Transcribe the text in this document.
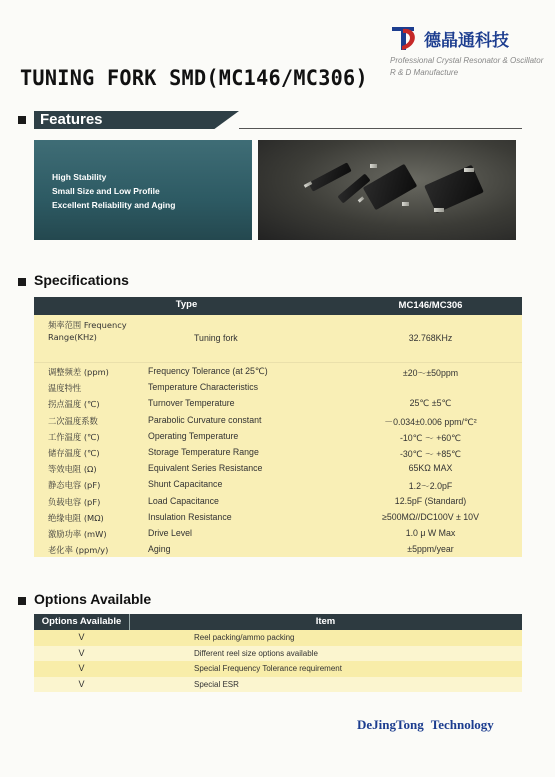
德晶通科技
Professional Crystal Resonator & Oscillator
R & D Manufacture
TUNING FORK SMD(MC146/MC306)
Features
High Stability
Small Size and Low Profile
Excellent Reliability and Aging
Specifications
Type	MC146/MC306
频率范围 Frequency Range(KHz)	Tuning fork	32.768KHz
调整频差 (ppm)	Frequency Tolerance (at 25℃)	±20～±50ppm
温度特性	Temperature Characteristics
拐点温度 (℃)	Turnover Temperature	25℃ ±5℃
二次温度系数	Parabolic Curvature constant	－0.034±0.006 ppm/℃²
工作温度 (℃)	Operating Temperature	-10℃ ～ +60℃
储存温度 (℃)	Storage Temperature Range	-30℃ ～ +85℃
等效电阻 (Ω)	Equivalent Series Resistance	65KΩ MAX
静态电容 (pF)	Shunt Capacitance	1.2～2.0pF
负载电容 (pF)	Load Capacitance	12.5pF (Standard)
绝缘电阻 (MΩ)	Insulation Resistance	≥500MΩ//DC100V ± 10V
激励功率 (mW)	Drive Level	1.0 μ W Max
老化率 (ppm/y)	Aging	±5ppm/year
Options Available
Options Available	Item
V	Reel packing/ammo packing
V	Different reel size options available
V	Special Frequency Tolerance requirement
V	Special ESR
DeJingTong Technology
